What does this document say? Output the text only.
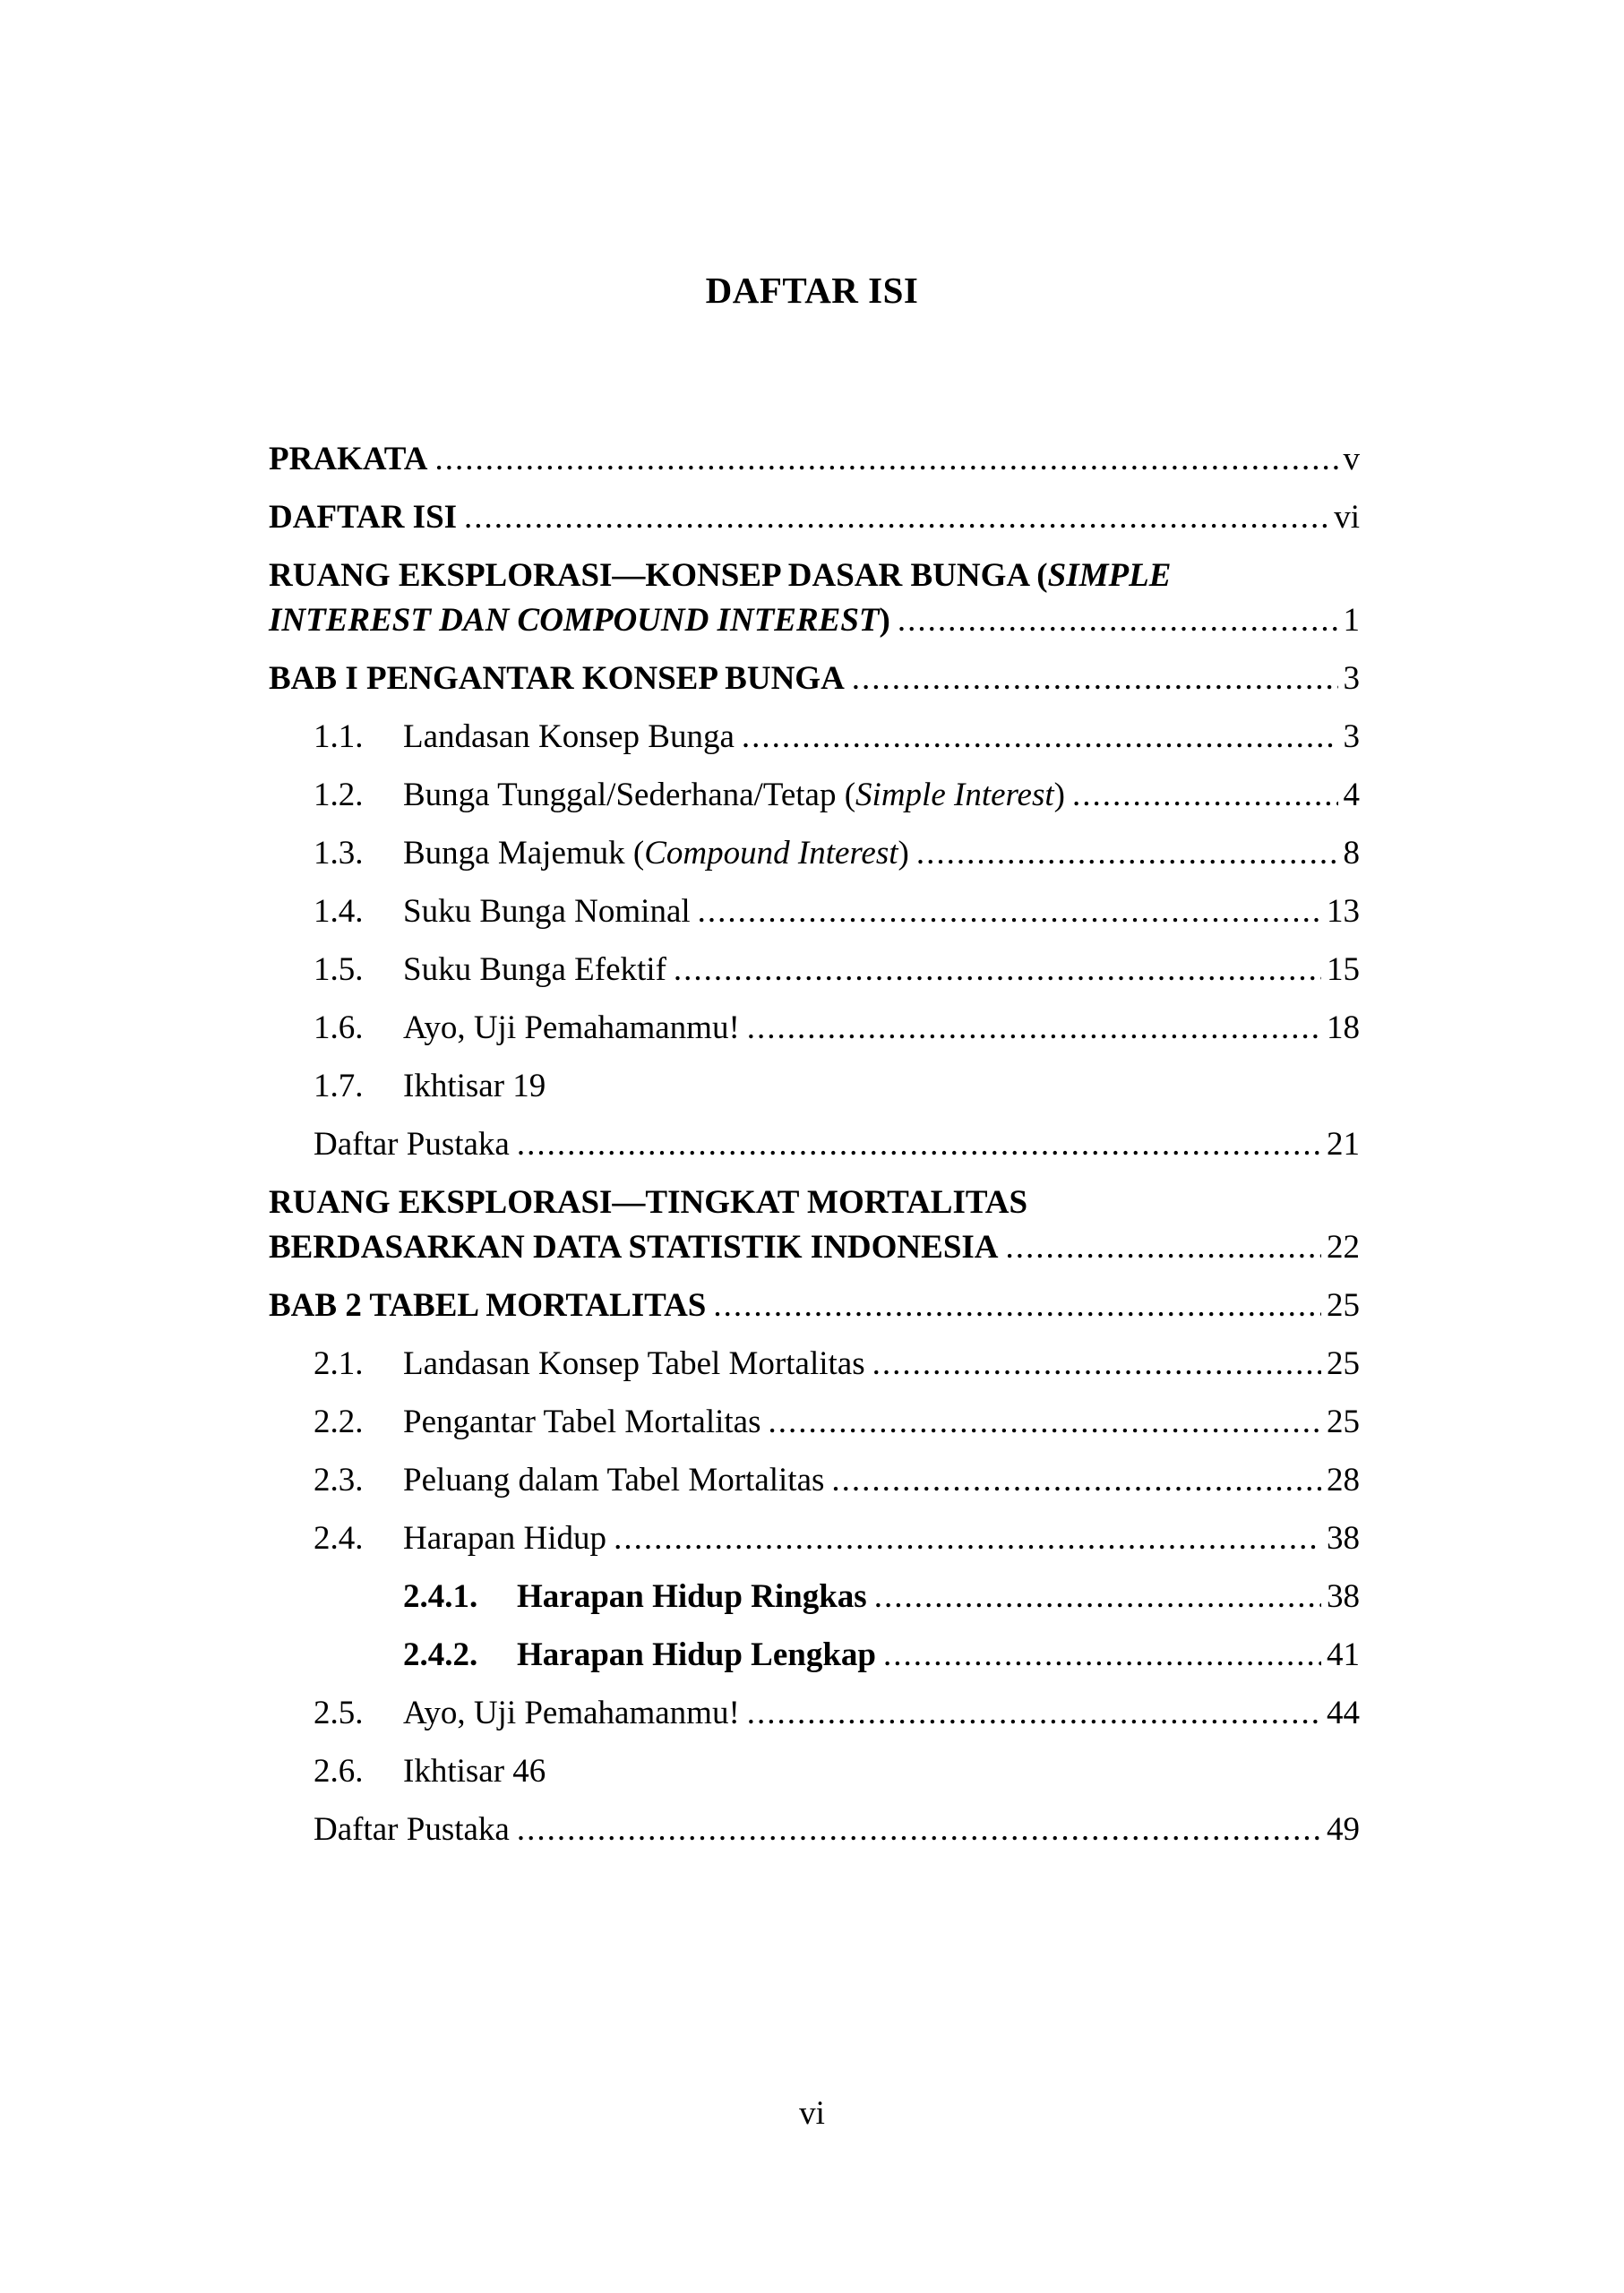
DAFTAR ISI
PRAKATA .....	v
DAFTAR ISI .....	vi
RUANG EKSPLORASI—KONSEP DASAR BUNGA (SIMPLE
INTEREST DAN COMPOUND INTEREST) .....	1
BAB I PENGANTAR KONSEP BUNGA .....	3
1.1.	Landasan Konsep Bunga .....	3
1.2.	Bunga Tunggal/Sederhana/Tetap (Simple Interest) .....	4
1.3.	Bunga Majemuk (Compound Interest) .....	8
1.4.	Suku Bunga Nominal .....	13
1.5.	Suku Bunga Efektif .....	15
1.6.	Ayo, Uji Pemahamanmu! .....	18
1.7.	Ikhtisar 19
Daftar Pustaka .....	21
RUANG EKSPLORASI—TINGKAT MORTALITAS
BERDASARKAN DATA STATISTIK INDONESIA .....	22
BAB 2 TABEL MORTALITAS .....	25
2.1.	Landasan Konsep Tabel Mortalitas .....	25
2.2.	Pengantar Tabel Mortalitas .....	25
2.3.	Peluang dalam Tabel Mortalitas .....	28
2.4.	Harapan Hidup .....	38
2.4.1.	Harapan Hidup Ringkas .....	38
2.4.2.	Harapan Hidup Lengkap .....	41
2.5.	Ayo, Uji Pemahamanmu! .....	44
2.6.	Ikhtisar 46
Daftar Pustaka .....	49
vi
